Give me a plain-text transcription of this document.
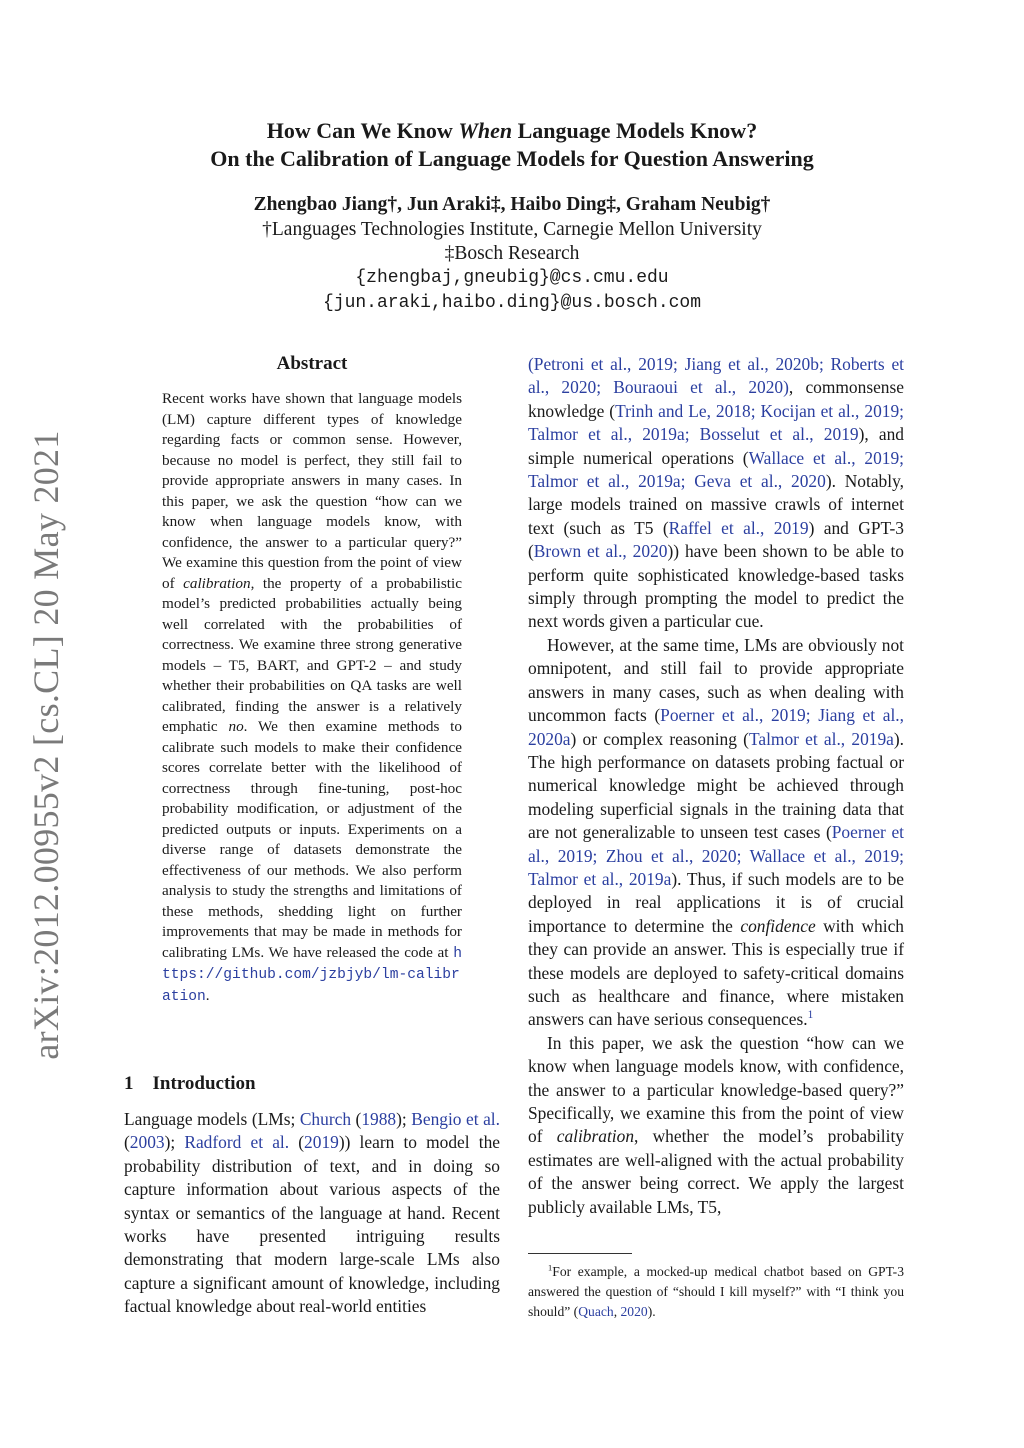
arXiv:2012.00955v2 [cs.CL] 20 May 2021
How Can We Know When Language Models Know?
On the Calibration of Language Models for Question Answering
Zhengbao Jiang†, Jun Araki‡, Haibo Ding‡, Graham Neubig†
†Languages Technologies Institute, Carnegie Mellon University
‡Bosch Research
{zhengbaj,gneubig}@cs.cmu.edu
{jun.araki,haibo.ding}@us.bosch.com
Abstract

Recent works have shown that language models (LM) capture different types of knowledge regarding facts or common sense. However, because no model is perfect, they still fail to provide appropriate answers in many cases. In this paper, we ask the question “how can we know when language models know, with confidence, the answer to a particular query?” We examine this question from the point of view of calibration, the property of a probabilistic model’s predicted probabilities actually being well correlated with the probabilities of correctness. We examine three strong generative models – T5, BART, and GPT-2 – and study whether their probabilities on QA tasks are well calibrated, finding the answer is a relatively emphatic no. We then examine methods to calibrate such models to make their confidence scores correlate better with the likelihood of correctness through fine-tuning, post-hoc probability modification, or adjustment of the predicted outputs or inputs. Experiments on a diverse range of datasets demonstrate the effectiveness of our methods. We also perform analysis to study the strengths and limitations of these methods, shedding light on further improvements that may be made in methods for calibrating LMs. We have released the code at https://github.com/jzbjyb/lm-calibration.

1 Introduction

Language models (LMs; Church (1988); Bengio et al. (2003); Radford et al. (2019)) learn to model the probability distribution of text, and in doing so capture information about various aspects of the syntax or semantics of the language at hand. Recent works have presented intriguing results demonstrating that modern large-scale LMs also capture a significant amount of knowledge, including factual knowledge about real-world entities

(Petroni et al., 2019; Jiang et al., 2020b; Roberts et al., 2020; Bouraoui et al., 2020), commonsense knowledge (Trinh and Le, 2018; Kocijan et al., 2019; Talmor et al., 2019a; Bosselut et al., 2019), and simple numerical operations (Wallace et al., 2019; Talmor et al., 2019a; Geva et al., 2020). Notably, large models trained on massive crawls of internet text (such as T5 (Raffel et al., 2019) and GPT-3 (Brown et al., 2020)) have been shown to be able to perform quite sophisticated knowledge-based tasks simply through prompting the model to predict the next words given a particular cue.

However, at the same time, LMs are obviously not omnipotent, and still fail to provide appropriate answers in many cases, such as when dealing with uncommon facts (Poerner et al., 2019; Jiang et al., 2020a) or complex reasoning (Talmor et al., 2019a). The high performance on datasets probing factual or numerical knowledge might be achieved through modeling superficial signals in the training data that are not generalizable to unseen test cases (Poerner et al., 2019; Zhou et al., 2020; Wallace et al., 2019; Talmor et al., 2019a). Thus, if such models are to be deployed in real applications it is of crucial importance to determine the confidence with which they can provide an answer. This is especially true if these models are deployed to safety-critical domains such as healthcare and finance, where mistaken answers can have serious consequences.$^1$

In this paper, we ask the question “how can we know when language models know, with confidence, the answer to a particular knowledge-based query?” Specifically, we examine this from the point of view of calibration, whether the model’s probability estimates are well-aligned with the actual probability of the answer being correct. We apply the largest publicly available LMs, T5,

$^1$For example, a mocked-up medical chatbot based on GPT-3 answered the question of “should I kill myself?” with “I think you should” (Quach, 2020).
